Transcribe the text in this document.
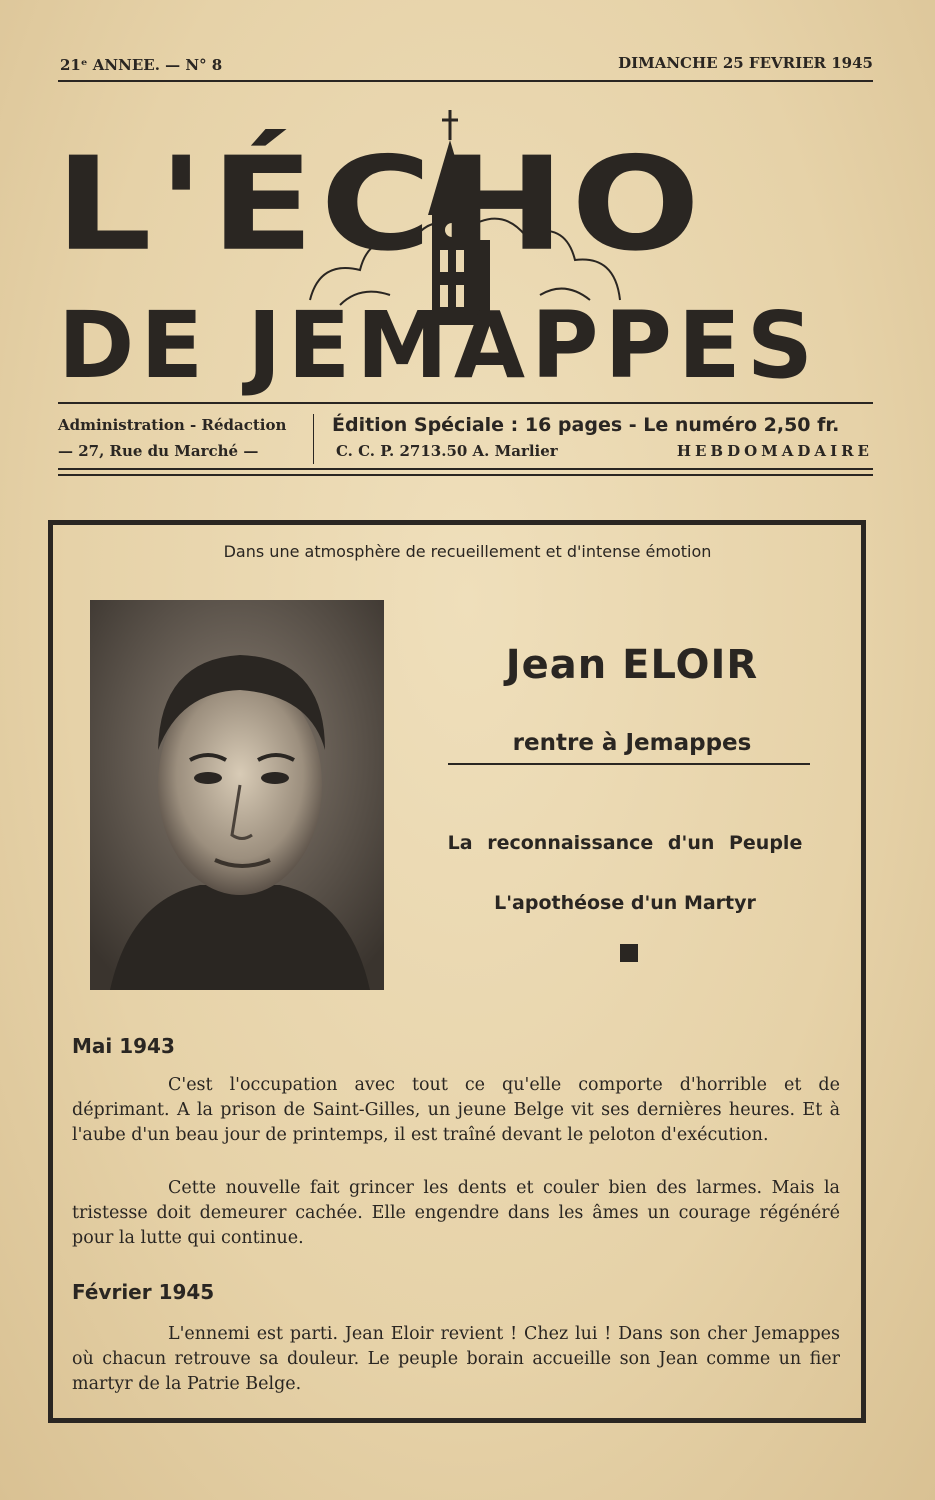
21ᵉ ANNEE. — N° 8	DIMANCHE 25 FEVRIER 1945
L'ÉCHO
DE JEMAPPES
Administration - Rédaction
— 27, Rue du Marché —
Édition Spéciale : 16 pages - Le numéro 2,50 fr.
C. C. P. 2713.50 A. Marlier	HEBDOMADAIRE
Dans une atmosphère de recueillement et d'intense émotion
Jean ELOIR
rentre à Jemappes
La reconnaissance d'un Peuple
L'apothéose d'un Martyr
Mai 1943
C'est l'occupation avec tout ce qu'elle comporte d'horrible et de déprimant. A la prison de Saint-Gilles, un jeune Belge vit ses dernières heures. Et à l'aube d'un beau jour de printemps, il est traîné devant le peloton d'exécution.
Cette nouvelle fait grincer les dents et couler bien des larmes. Mais la tristesse doit demeurer cachée. Elle engendre dans les âmes un courage régénéré pour la lutte qui continue.
Février 1945
L'ennemi est parti. Jean Eloir revient ! Chez lui ! Dans son cher Jemappes où chacun retrouve sa douleur. Le peuple borain accueille son Jean comme un fier martyr de la Patrie Belge.
